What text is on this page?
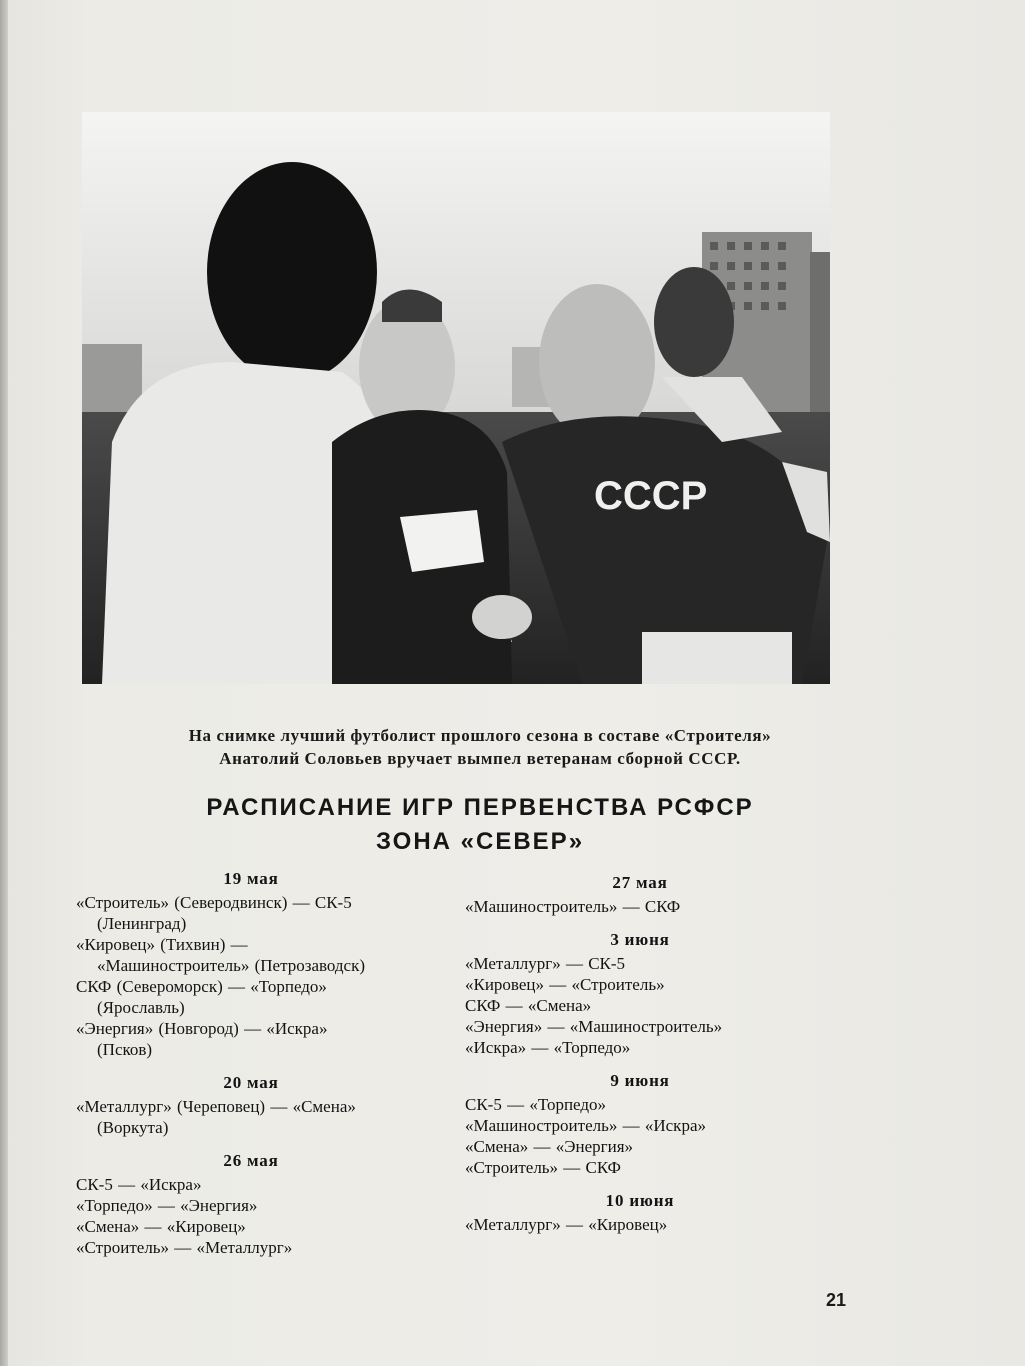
СССР
На снимке лучший футболист прошлого сезона в составе «Строителя»
Анатолий Соловьев вручает вымпел ветеранам сборной СССР.
РАСПИСАНИЕ ИГР ПЕРВЕНСТВА РСФСР
ЗОНА «СЕВЕР»
19 мая
«Строитель» (Северодвинск) — СК-5
(Ленинград)
«Кировец» (Тихвин) —
«Машиностроитель» (Петрозаводск)
СКФ (Североморск) — «Торпедо»
(Ярославль)
«Энергия» (Новгород) — «Искра»
(Псков)
20 мая
«Металлург» (Череповец) — «Смена»
(Воркута)
26 мая
СК-5 — «Искра»
«Торпедо» — «Энергия»
«Смена» — «Кировец»
«Строитель» — «Металлург»
27 мая
«Машиностроитель» — СКФ
3 июня
«Металлург» — СК-5
«Кировец» — «Строитель»
СКФ — «Смена»
«Энергия» — «Машиностроитель»
«Искра» — «Торпедо»
9 июня
СК-5 — «Торпедо»
«Машиностроитель» — «Искра»
«Смена» — «Энергия»
«Строитель» — СКФ
10 июня
«Металлург» — «Кировец»
21
